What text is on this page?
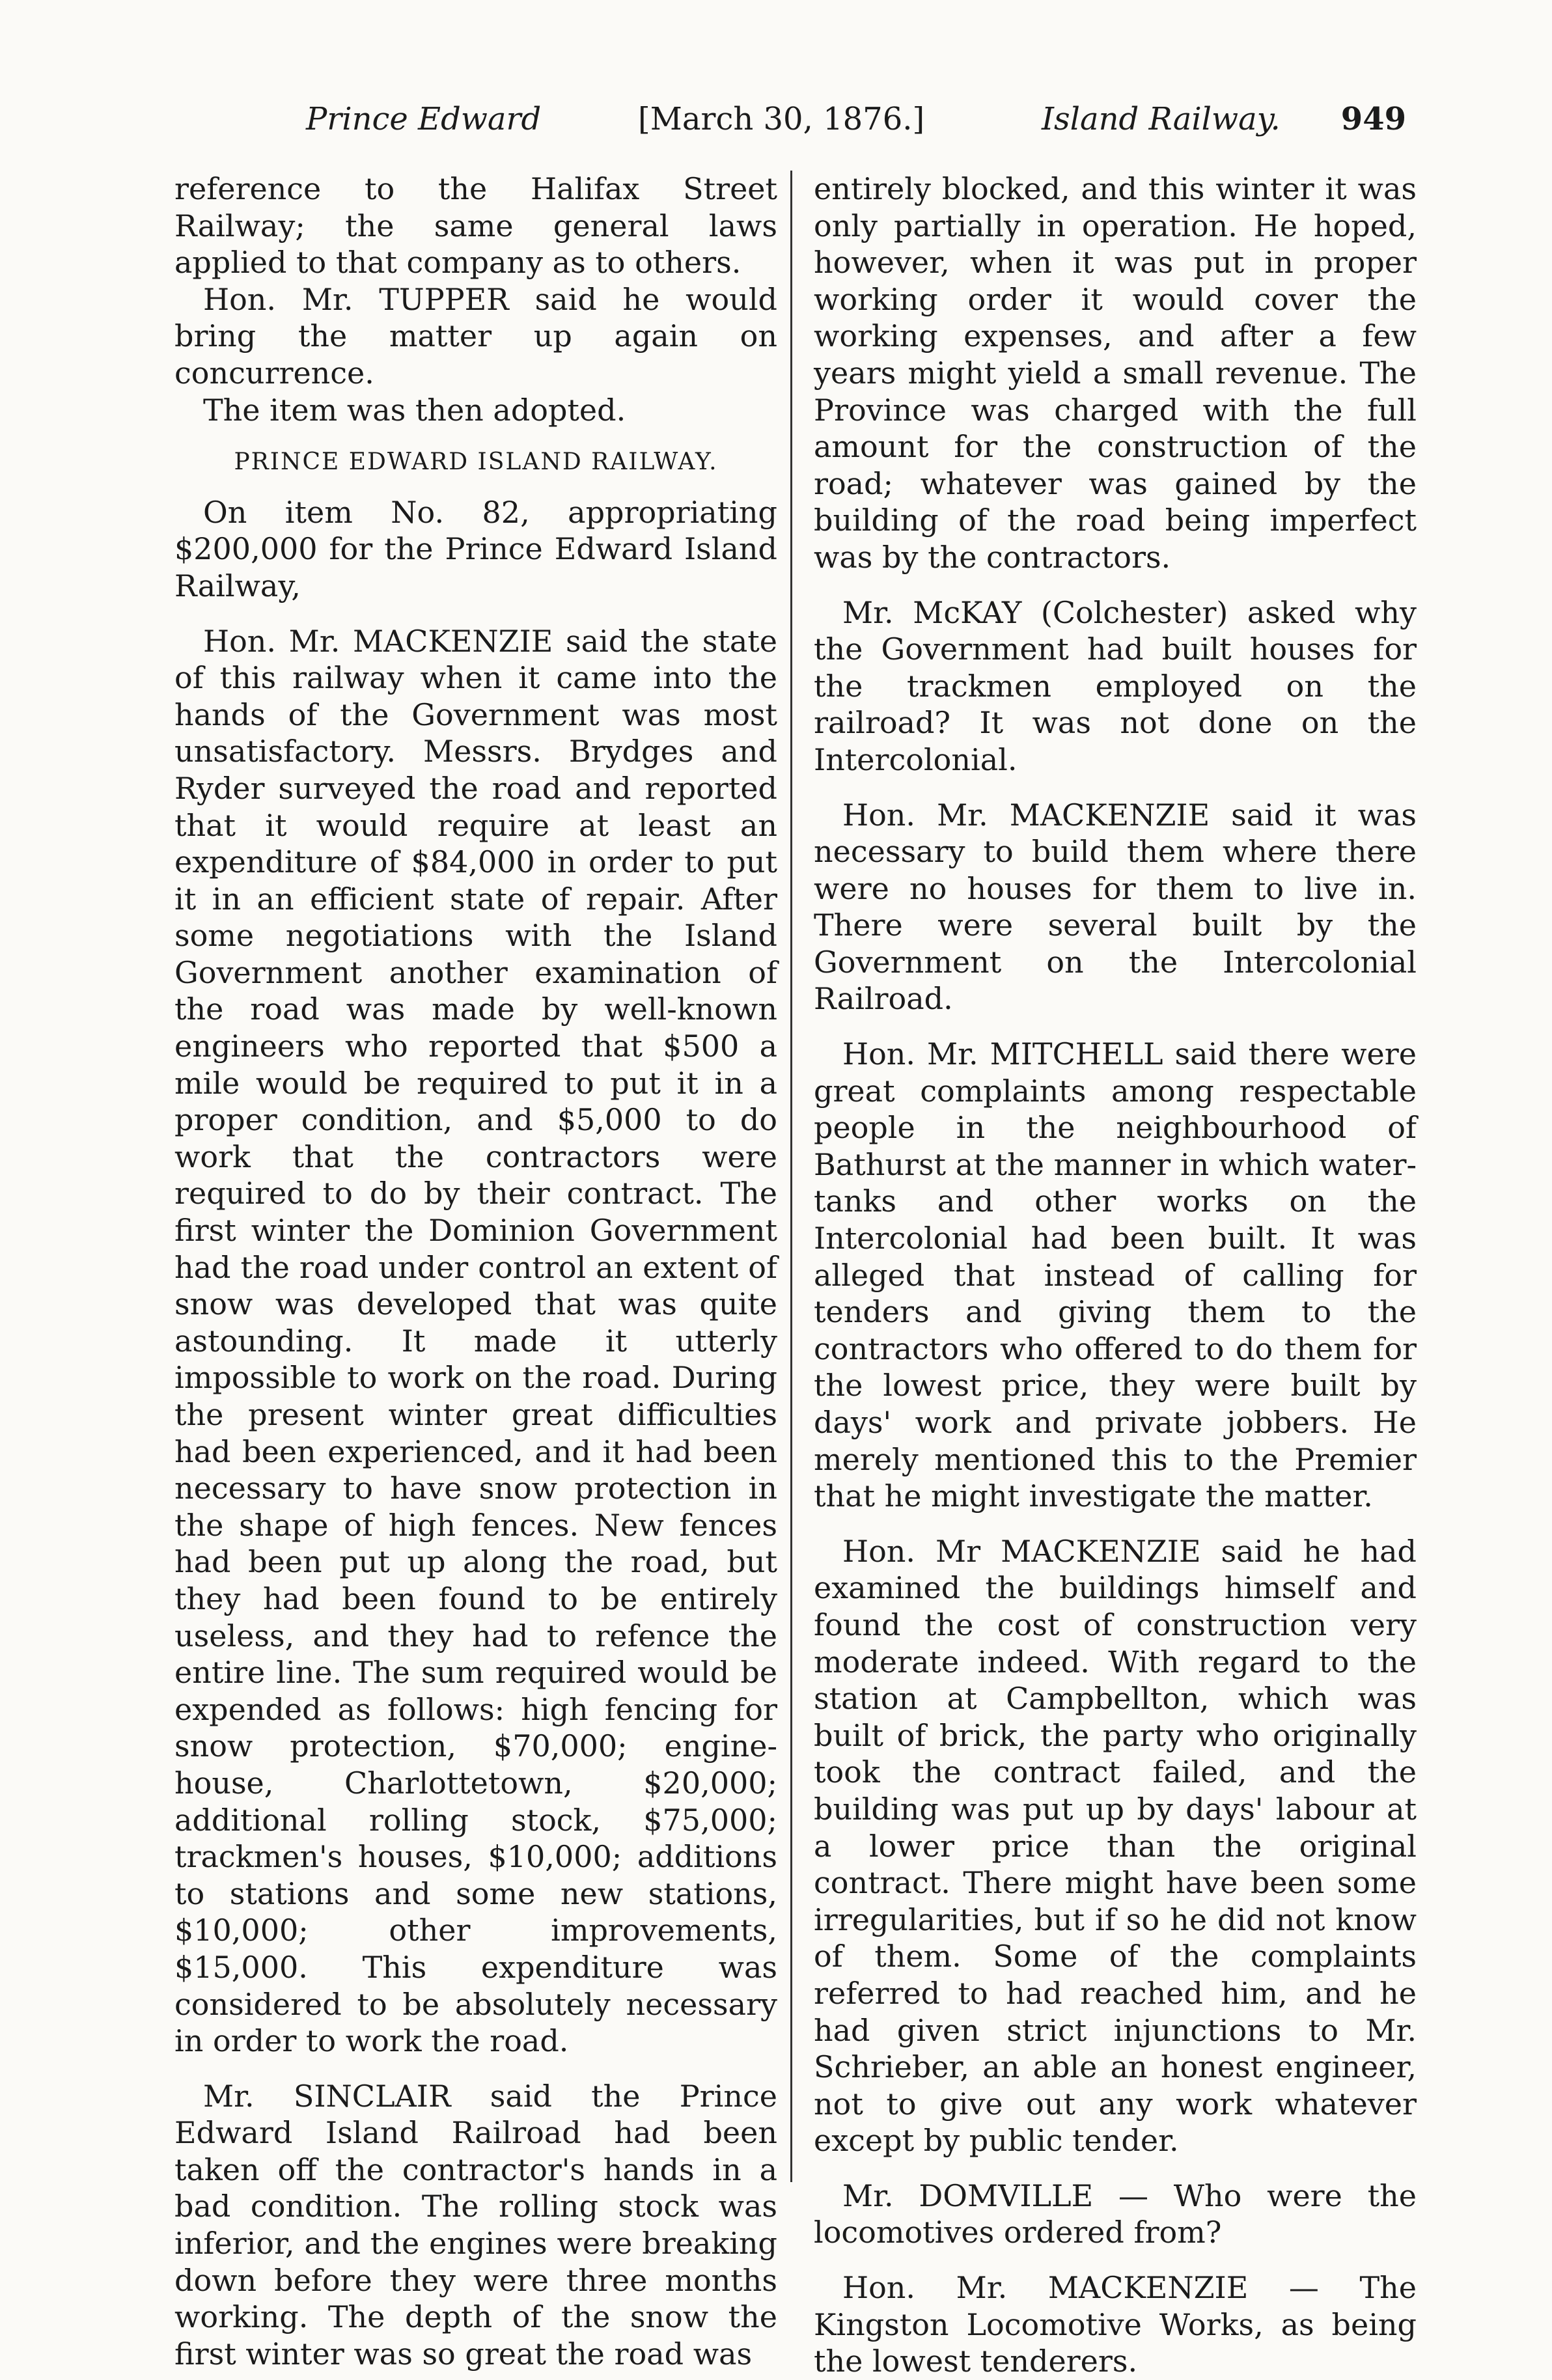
Prince Edward	[March 30, 1876.]	Island Railway. 949

reference to the Halifax Street Railway; the same general laws applied to that company as to others.

Hon. Mr. TUPPER said he would bring the matter up again on concurrence.

The item was then adopted.

PRINCE EDWARD ISLAND RAILWAY.

On item No. 82, appropriating $200,000 for the Prince Edward Island Railway,

Hon. Mr. MACKENZIE said the state of this railway when it came into the hands of the Government was most unsatisfactory. Messrs. Brydges and Ryder surveyed the road and reported that it would require at least an expenditure of $84,000 in order to put it in an efficient state of repair. After some negotiations with the Island Government another examination of the road was made by well-known engineers who reported that $500 a mile would be required to put it in a proper condition, and $5,000 to do work that the contractors were required to do by their contract. The first winter the Dominion Government had the road under control an extent of snow was developed that was quite astounding. It made it utterly impossible to work on the road. During the present winter great difficulties had been experienced, and it had been necessary to have snow protection in the shape of high fences. New fences had been put up along the road, but they had been found to be entirely useless, and they had to refence the entire line. The sum required would be expended as follows: high fencing for snow protection, $70,000; engine-house, Charlottetown, $20,000; additional rolling stock, $75,000; trackmen's houses, $10,000; additions to stations and some new stations, $10,000; other improvements, $15,000. This expenditure was considered to be absolutely necessary in order to work the road.

Mr. SINCLAIR said the Prince Edward Island Railroad had been taken off the contractor's hands in a bad condition. The rolling stock was inferior, and the engines were breaking down before they were three months working. The depth of the snow the first winter was so great the road was

entirely blocked, and this winter it was only partially in operation. He hoped, however, when it was put in proper working order it would cover the working expenses, and after a few years might yield a small revenue. The Province was charged with the full amount for the construction of the road; whatever was gained by the building of the road being imperfect was by the contractors.

Mr. McKAY (Colchester) asked why the Government had built houses for the trackmen employed on the railroad? It was not done on the Intercolonial.

Hon. Mr. MACKENZIE said it was necessary to build them where there were no houses for them to live in. There were several built by the Government on the Intercolonial Railroad.

Hon. Mr. MITCHELL said there were great complaints among respectable people in the neighbourhood of Bathurst at the manner in which water-tanks and other works on the Intercolonial had been built. It was alleged that instead of calling for tenders and giving them to the contractors who offered to do them for the lowest price, they were built by days' work and private jobbers. He merely mentioned this to the Premier that he might investigate the matter.

Hon. Mr MACKENZIE said he had examined the buildings himself and found the cost of construction very moderate indeed. With regard to the station at Campbellton, which was built of brick, the party who originally took the contract failed, and the building was put up by days' labour at a lower price than the original contract. There might have been some irregularities, but if so he did not know of them. Some of the complaints referred to had reached him, and he had given strict injunctions to Mr. Schrieber, an able an honest engineer, not to give out any work whatever except by public tender.

Mr. DOMVILLE — Who were the locomotives ordered from?

Hon. Mr. MACKENZIE — The Kingston Locomotive Works, as being the lowest tenderers.
